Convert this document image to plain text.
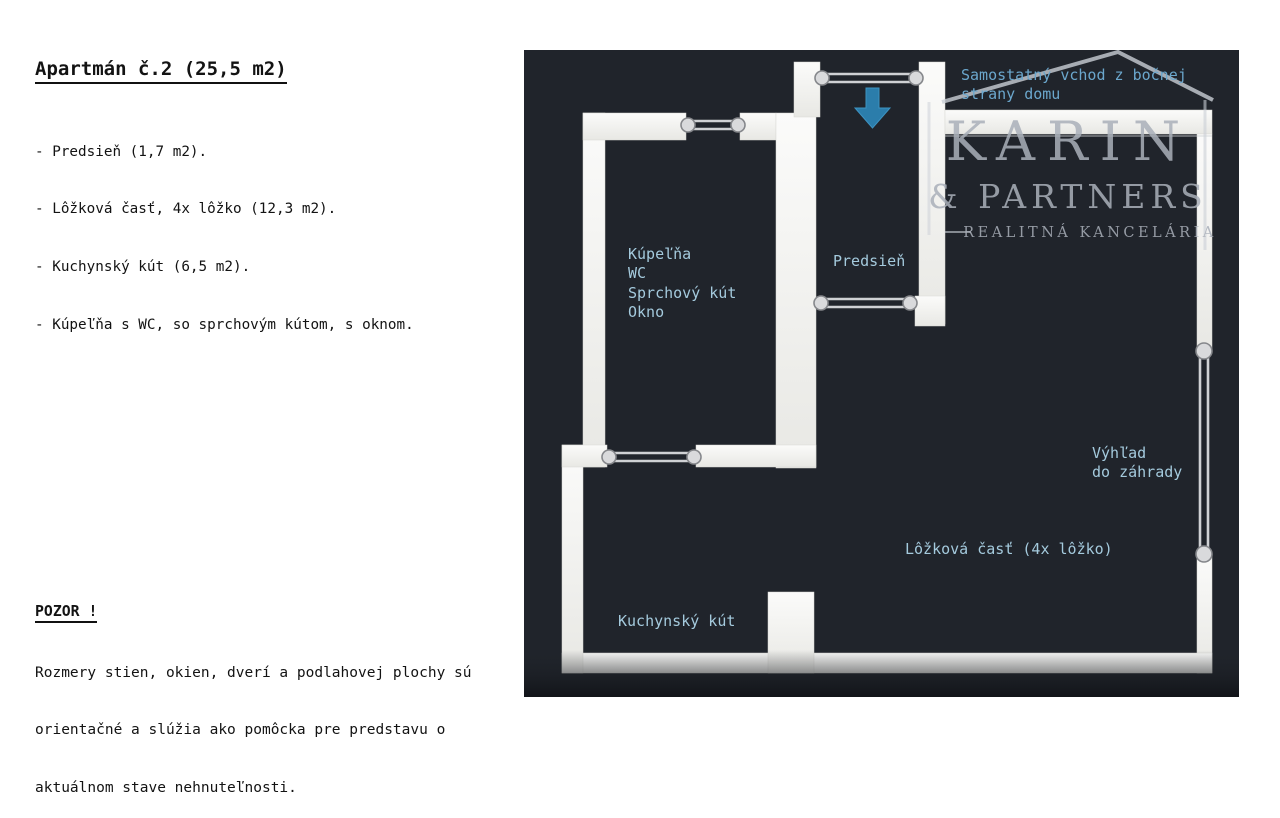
Apartmán č.2 (25,5 m2)

- Predsieň (1,7 m2).

- Lôžková časť, 4x lôžko (12,3 m2).

- Kuchynský kút (6,5 m2).

- Kúpeľňa s WC, so sprchovým kútom, s oknom.

POZOR !

Rozmery stien, okien, dverí a podlahovej plochy sú

orientačné a slúžia ako pomôcka pre predstavu o

aktuálnom stave nehnuteľnosti.

KARIN
& PARTNERS
REALITNÁ KANCELÁRIA
Samostatný vchod z bočnej
strany domu
Kúpeľňa
WC
Sprchový kút
Okno
Predsieň
Výhľad
do záhrady
Lôžková časť (4x lôžko)
Kuchynský kút
